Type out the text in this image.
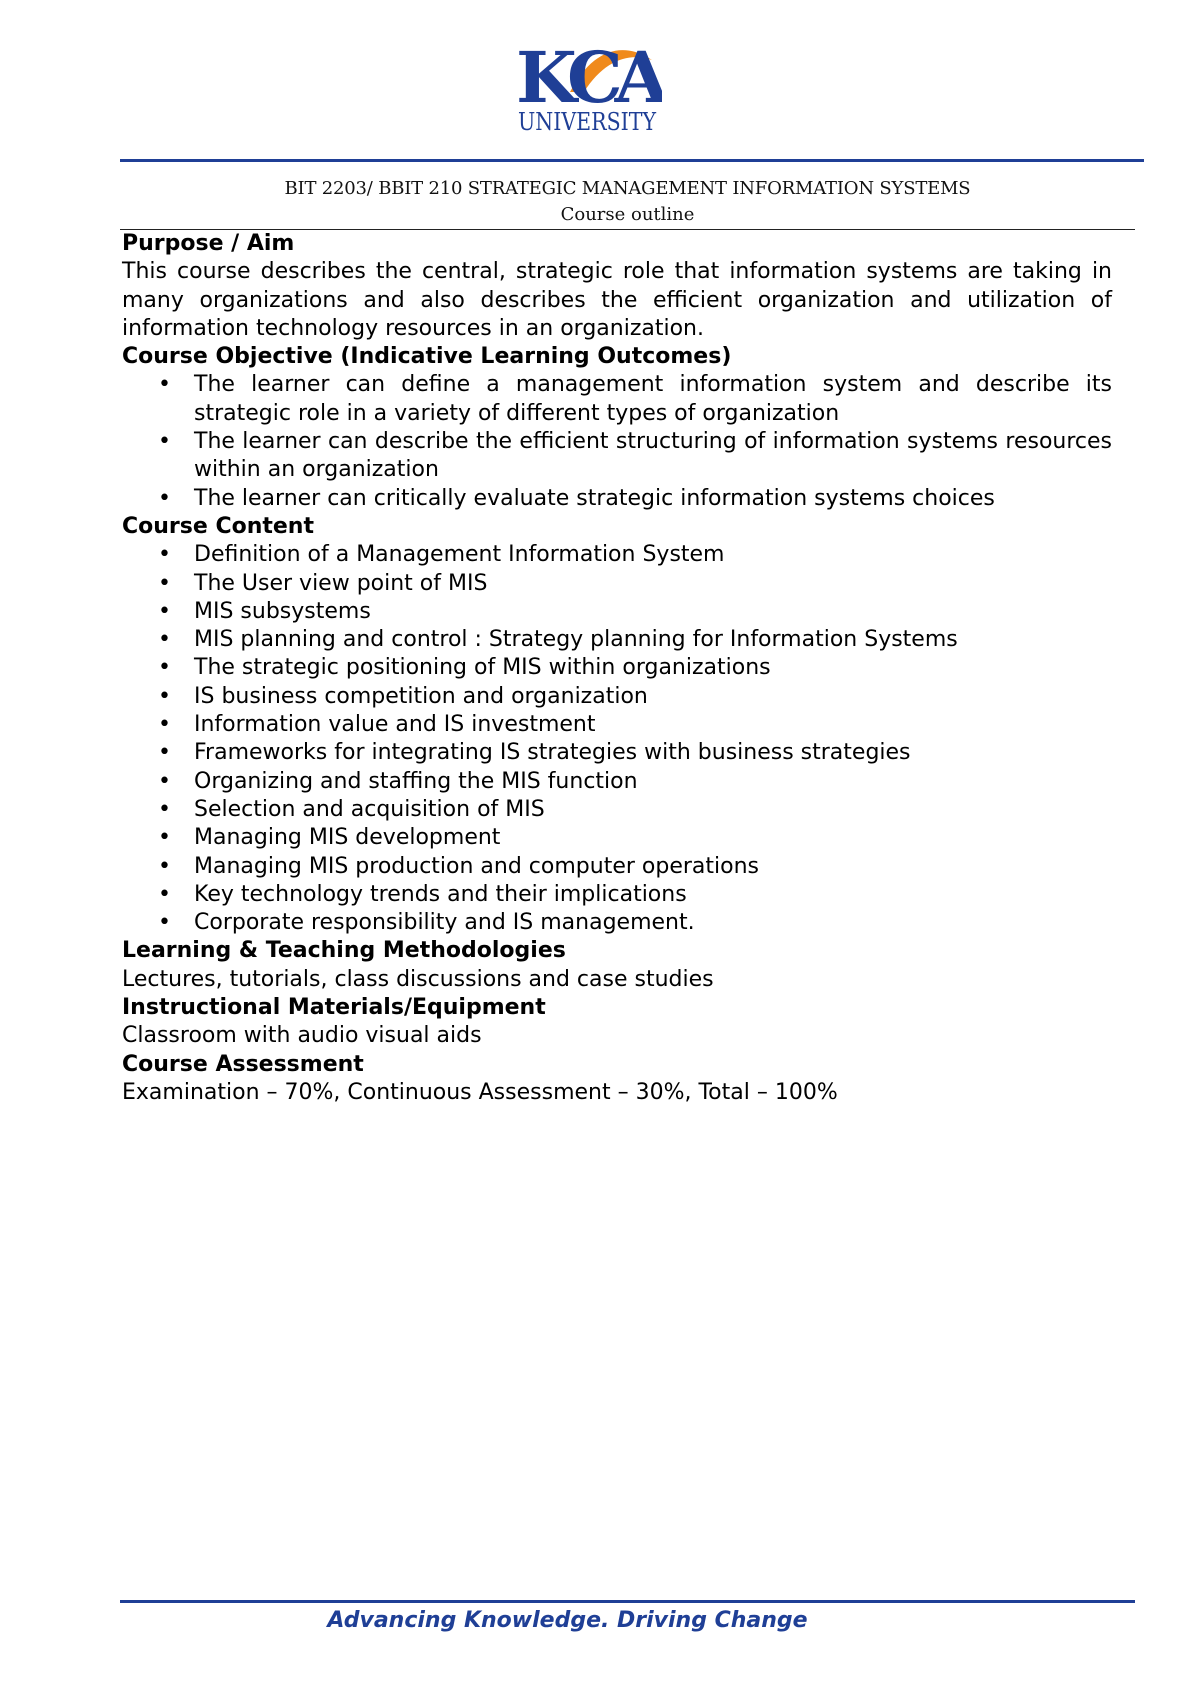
KCA
UNIVERSITY
BIT 2203/ BBIT 210 STRATEGIC MANAGEMENT INFORMATION SYSTEMS
Course outline

Purpose / Aim

This course describes the central, strategic role that information systems are taking in many organizations and also describes the efficient organization and utilization of information technology resources in an organization.

Course Objective (Indicative Learning Outcomes)

• The learner can define a management information system and describe its strategic role in a variety of different types of organization
• The learner can describe the efficient structuring of information systems resources within an organization
• The learner can critically evaluate strategic information systems choices

Course Content

• Definition of a Management Information System
• The User view point of MIS
• MIS subsystems
• MIS planning and control : Strategy planning for Information Systems
• The strategic positioning of MIS within organizations
• IS business competition and organization
• Information value and IS investment
• Frameworks for integrating IS strategies with business strategies
• Organizing and staffing the MIS function
• Selection and acquisition of MIS
• Managing MIS development
• Managing MIS production and computer operations
• Key technology trends and their implications
• Corporate responsibility and IS management.

Learning & Teaching Methodologies

Lectures, tutorials, class discussions and case studies

Instructional Materials/Equipment

Classroom with audio visual aids

Course Assessment

Examination – 70%, Continuous Assessment – 30%, Total – 100%

Advancing Knowledge. Driving Change
